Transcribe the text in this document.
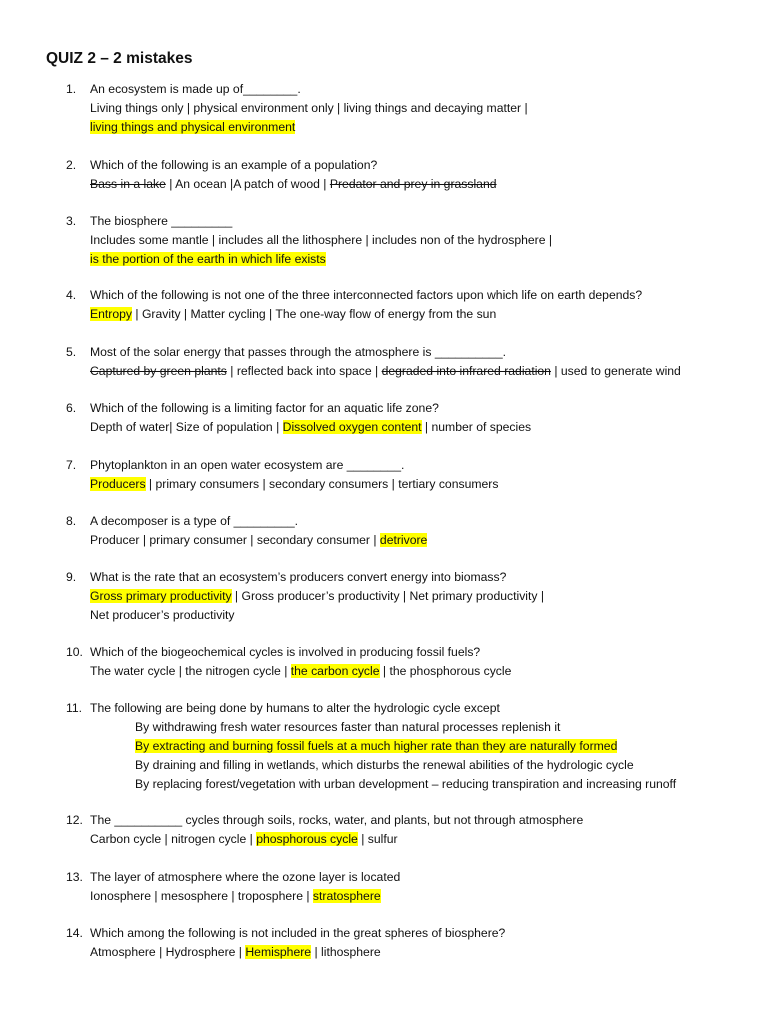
QUIZ 2 – 2 mistakes
1. An ecosystem is made up of________.
Living things only | physical environment only | living things and decaying matter |
living things and physical environment
2. Which of the following is an example of a population?
Bass in a lake | An ocean |A patch of wood | Predator and prey in grassland
3. The biosphere _________
Includes some mantle | includes all the lithosphere | includes non of the hydrosphere |
is the portion of the earth in which life exists
4. Which of the following is not one of the three interconnected factors upon which life on earth depends?
Entropy | Gravity | Matter cycling | The one-way flow of energy from the sun
5. Most of the solar energy that passes through the atmosphere is __________.
Captured by green plants | reflected back into space | degraded into infrared radiation | used to generate wind
6. Which of the following is a limiting factor for an aquatic life zone?
Depth of water| Size of population | Dissolved oxygen content | number of species
7. Phytoplankton in an open water ecosystem are ________.
Producers | primary consumers | secondary consumers | tertiary consumers
8. A decomposer is a type of _________.
Producer | primary consumer | secondary consumer | detrivore
9. What is the rate that an ecosystem’s producers convert energy into biomass?
Gross primary productivity | Gross producer’s productivity | Net primary productivity |
Net producer’s productivity
10. Which of the biogeochemical cycles is involved in producing fossil fuels?
The water cycle | the nitrogen cycle | the carbon cycle | the phosphorous cycle
11. The following are being done by humans to alter the hydrologic cycle except
By withdrawing fresh water resources faster than natural processes replenish it
By extracting and burning fossil fuels at a much higher rate than they are naturally formed
By draining and filling in wetlands, which disturbs the renewal abilities of the hydrologic cycle
By replacing forest/vegetation with urban development – reducing transpiration and increasing runoff
12. The __________ cycles through soils, rocks, water, and plants, but not through atmosphere
Carbon cycle | nitrogen cycle | phosphorous cycle | sulfur
13. The layer of atmosphere where the ozone layer is located
Ionosphere | mesosphere | troposphere | stratosphere
14. Which among the following is not included in the great spheres of biosphere?
Atmosphere | Hydrosphere | Hemisphere | lithosphere
